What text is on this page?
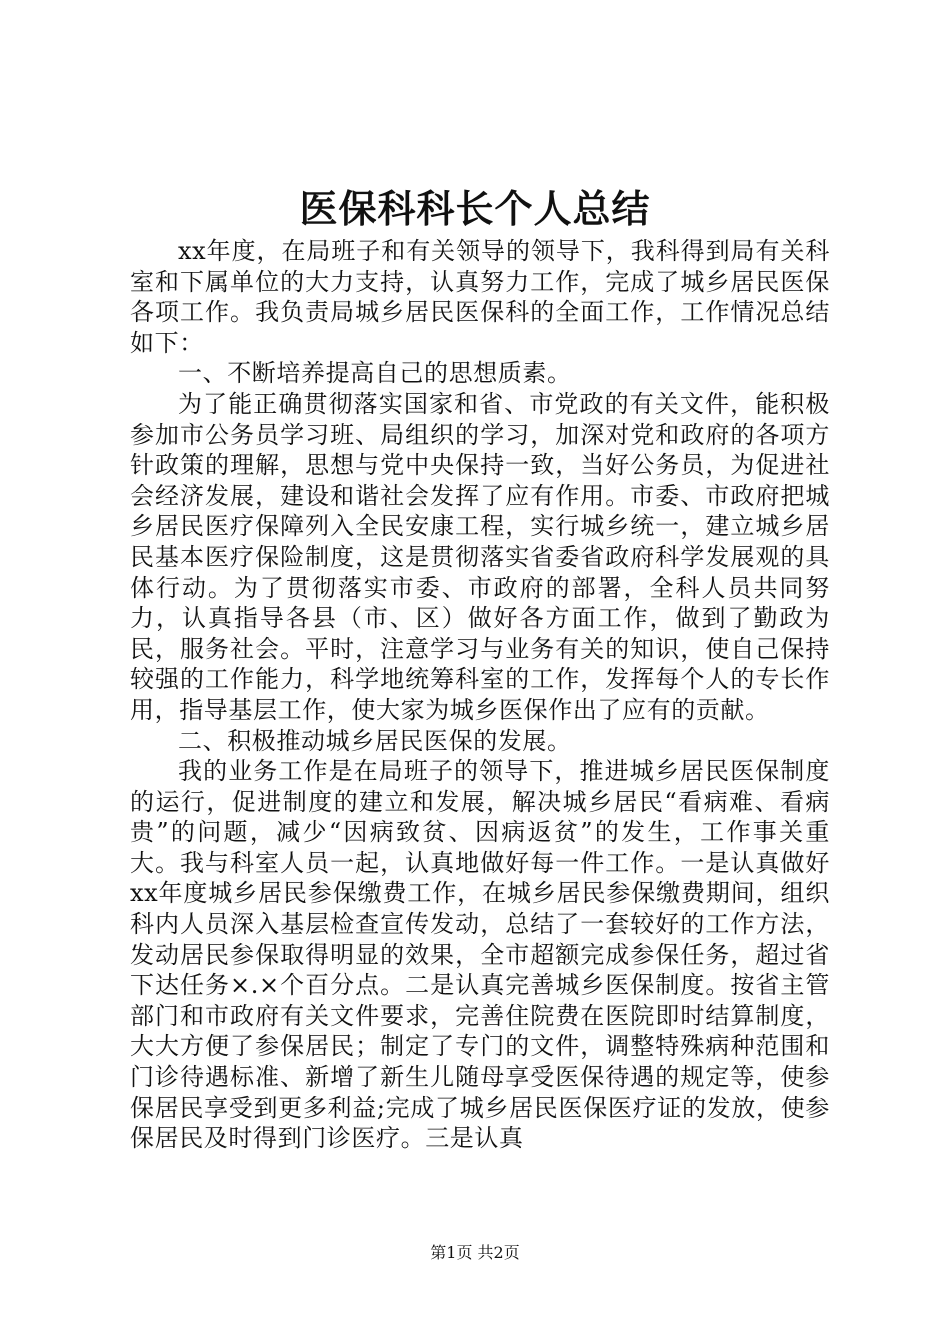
医保科科长个人总结

xx年度，在局班子和有关领导的领导下，我科得到局有关科室和下属单位的大力支持，认真努力工作，完成了城乡居民医保各项工作。我负责局城乡居民医保科的全面工作，工作情况总结如下：

一、不断培养提高自己的思想质素。

为了能正确贯彻落实国家和省、市党政的有关文件，能积极参加市公务员学习班、局组织的学习，加深对党和政府的各项方针政策的理解，思想与党中央保持一致，当好公务员，为促进社会经济发展，建设和谐社会发挥了应有作用。市委、市政府把城乡居民医疗保障列入全民安康工程，实行城乡统一，建立城乡居民基本医疗保险制度，这是贯彻落实省委省政府科学发展观的具体行动。为了贯彻落实市委、市政府的部署，全科人员共同努力，认真指导各县（市、区）做好各方面工作，做到了勤政为民，服务社会。平时，注意学习与业务有关的知识，使自己保持较强的工作能力，科学地统筹科室的工作，发挥每个人的专长作用，指导基层工作，使大家为城乡医保作出了应有的贡献。

二、积极推动城乡居民医保的发展。

我的业务工作是在局班子的领导下，推进城乡居民医保制度的运行，促进制度的建立和发展，解决城乡居民“看病难、看病贵”的问题，减少“因病致贫、因病返贫”的发生，工作事关重大。我与科室人员一起，认真地做好每一件工作。一是认真做好xx年度城乡居民参保缴费工作，在城乡居民参保缴费期间，组织科内人员深入基层检查宣传发动，总结了一套较好的工作方法，发动居民参保取得明显的效果，全市超额完成参保任务，超过省下达任务×.×个百分点。二是认真完善城乡医保制度。按省主管部门和市政府有关文件要求，完善住院费在医院即时结算制度，大大方便了参保居民；制定了专门的文件，调整特殊病种范围和门诊待遇标准、新增了新生儿随母享受医保待遇的规定等，使参保居民享受到更多利益;完成了城乡居民医保医疗证的发放，使参保居民及时得到门诊医疗。三是认真

第1页 共2页
